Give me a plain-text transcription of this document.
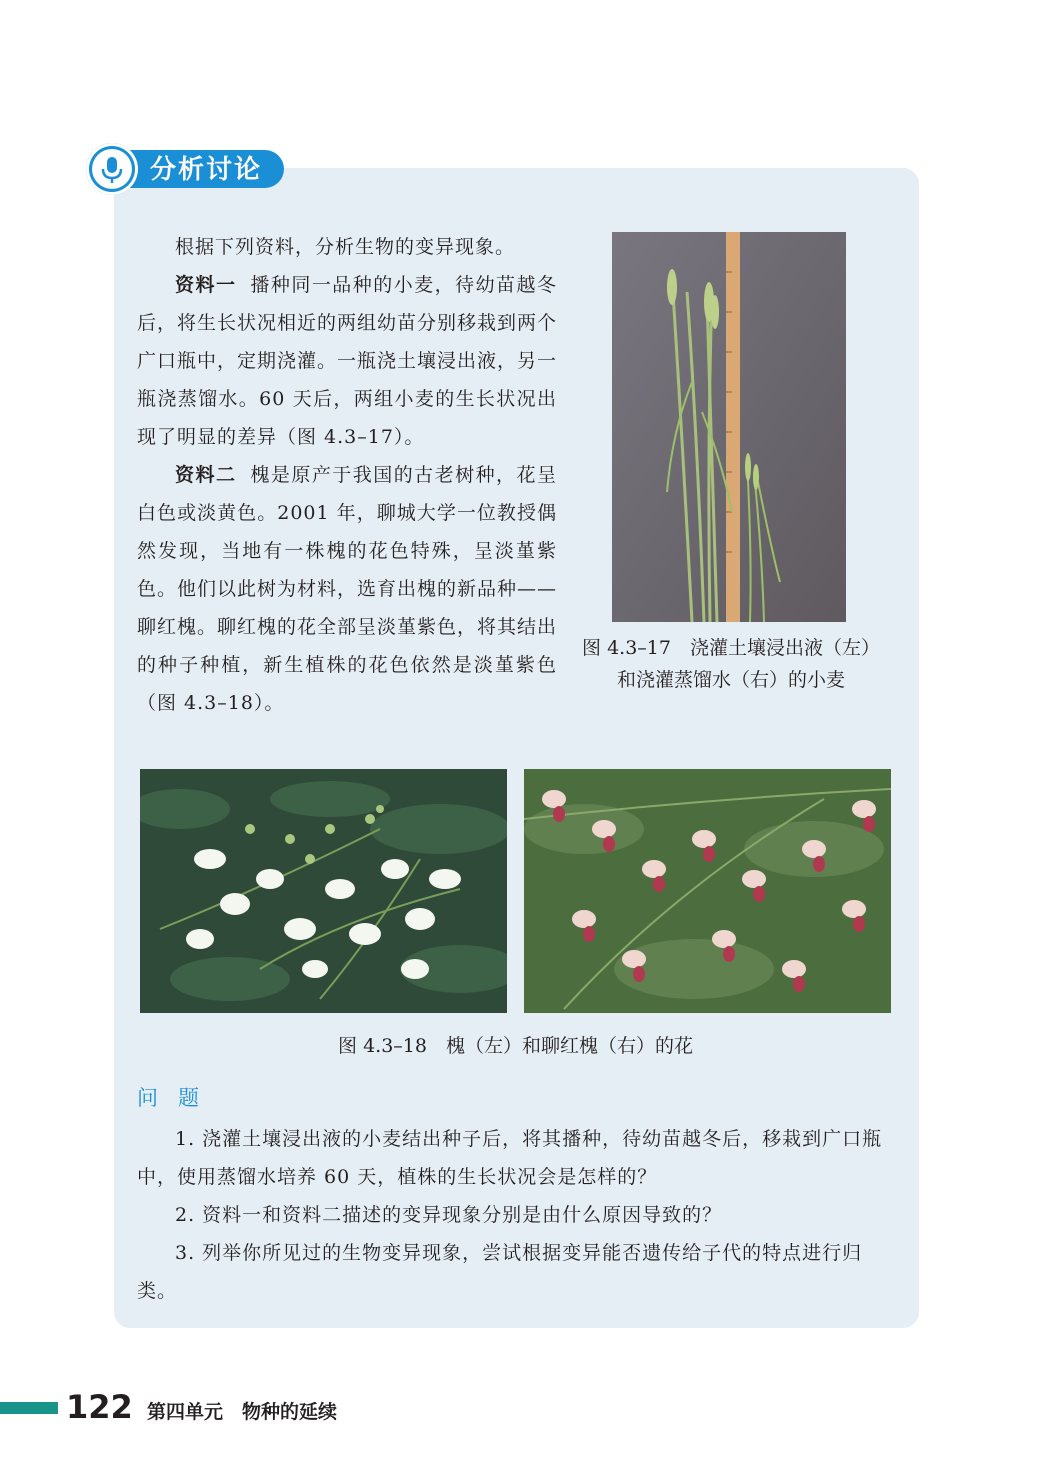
分析讨论

根据下列资料，分析生物的变异现象。

资料一 播种同一品种的小麦，待幼苗越冬后，将生长状况相近的两组幼苗分别移栽到两个广口瓶中，定期浇灌。一瓶浇土壤浸出液，另一瓶浇蒸馏水。60 天后，两组小麦的生长状况出现了明显的差异（图 4.3–17）。

资料二 槐是原产于我国的古老树种，花呈白色或淡黄色。2001 年，聊城大学一位教授偶然发现，当地有一株槐的花色特殊，呈淡堇紫色。他们以此树为材料，选育出槐的新品种——聊红槐。聊红槐的花全部呈淡堇紫色，将其结出的种子种植，新生植株的花色依然是淡堇紫色（图 4.3–18）。

图 4.3–17　浇灌土壤浸出液（左）
和浇灌蒸馏水（右）的小麦
图 4.3–18　槐（左）和聊红槐（右）的花
问题

1. 浇灌土壤浸出液的小麦结出种子后，将其播种，待幼苗越冬后，移栽到广口瓶中，使用蒸馏水培养 60 天，植株的生长状况会是怎样的？

2. 资料一和资料二描述的变异现象分别是由什么原因导致的？

3. 列举你所见过的生物变异现象，尝试根据变异能否遗传给子代的特点进行归类。

122 第四单元　物种的延续
